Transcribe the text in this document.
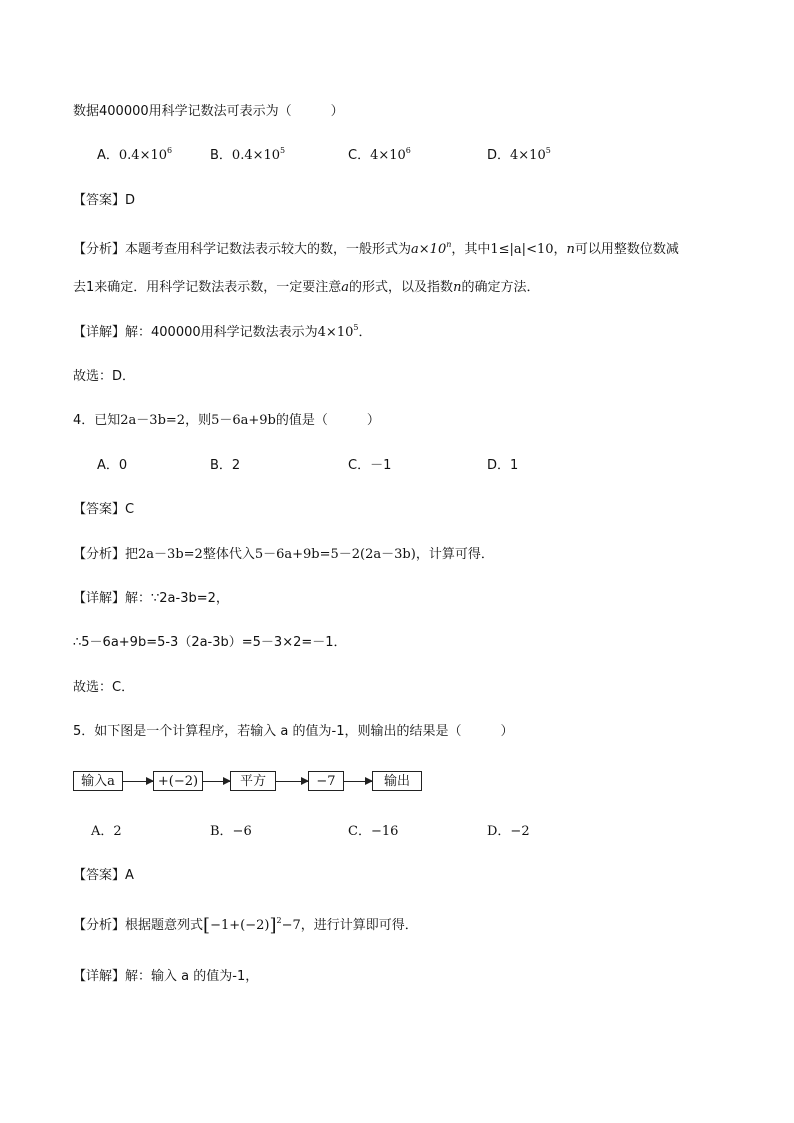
数据400000用科学记数法可表示为（　　　）
A．$0.4\times 10^6$	B．$0.4\times 10^5$	C．$4\times 10^6$	D．$4\times 10^5$
【答案】D
【分析】本题考查用科学记数法表示较大的数，一般形式为$a\times 10^n$，其中1≤|a|<10，n可以用整数位数减
去1来确定．用科学记数法表示数，一定要注意a的形式，以及指数n的确定方法．
【详解】解：400000用科学记数法表示为$4\times 10^5$．
故选：D．
4．已知2a－3b=2，则5－6a+9b的值是（　　　）
A．0	B．2	C．－1	D．1
【答案】C
【分析】把2a－3b=2整体代入5－6a+9b=5－2(2a－3b)，计算可得．
【详解】解：∵2a-3b=2，
∴5－6a+9b=5-3（2a-3b）=5－3×2=－1．
故选：C．
5．如下图是一个计算程序，若输入 a 的值为-1，则输出的结果是（　　　）
输入a	+(−2)	平方	−7	输出
A．2	B．−6	C．−16	D．−2
【答案】A
【分析】根据题意列式$[-1+(-2)]^2-7$，进行计算即可得．
【详解】解：输入 a 的值为-1，
